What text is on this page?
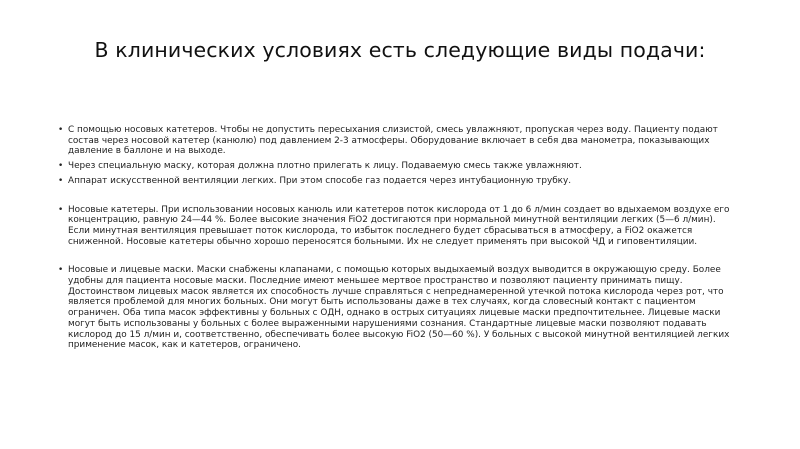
В клинических условиях есть следующие виды подачи:
• С помощью носовых катетеров. Чтобы не допустить пересыхания слизистой, смесь увлажняют, пропуская через воду. Пациенту подают состав через носовой катетер (канюлю) под давлением 2-3 атмосферы. Оборудование включает в себя два манометра, показывающих давление в баллоне и на выходе.
• Через специальную маску, которая должна плотно прилегать к лицу. Подаваемую смесь также увлажняют.
• Аппарат искусственной вентиляции легких. При этом способе газ подается через интубационную трубку.
• Носовые катетеры. При использовании носовых канюль или катетеров поток кислорода от 1 до 6 л/мин создает во вдыхаемом воздухе его концентрацию, равную 24—44 %. Более высокие значения FiO2 достигаются при нормальной минутной вентиляции легких (5—6 л/мин). Если минутная вентиляция превышает поток кислорода, то избыток последнего будет сбрасываться в атмосферу, а FiO2 окажется сниженной. Носовые катетеры обычно хорошо переносятся больными. Их не следует применять при высокой ЧД и гиповентиляции.
• Носовые и лицевые маски. Маски снабжены клапанами, с помощью которых выдыхаемый воздух выводится в окружающую среду. Более удобны для пациента носовые маски. Последние имеют меньшее мертвое пространство и позволяют пациенту принимать пищу. Достоинством лицевых масок является их способность лучше справляться с непреднамеренной утечкой потока кислорода через рот, что является проблемой для многих больных. Они могут быть использованы даже в тех случаях, когда словесный контакт с пациентом ограничен. Оба типа масок эффективны у больных с ОДН, однако в острых ситуациях лицевые маски предпочтительнее. Лицевые маски могут быть использованы у больных с более выраженными нарушениями сознания. Стандартные лицевые маски позволяют подавать кислород до 15 л/мин и, соответственно, обеспечивать более высокую FiO2 (50—60 %). У больных с высокой минутной вентиляцией легких применение масок, как и катетеров, ограничено.
